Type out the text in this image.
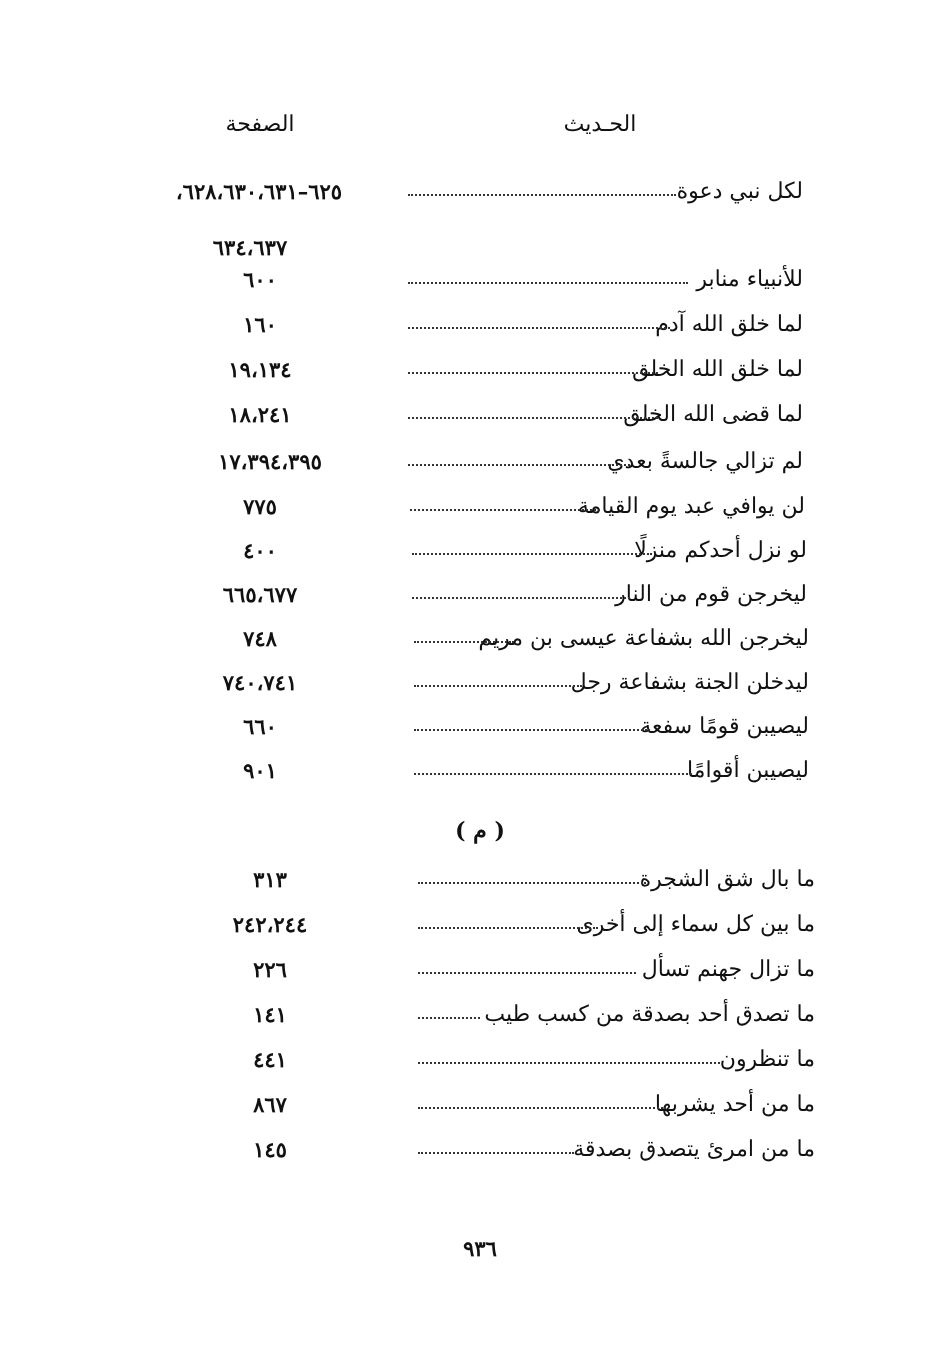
الحـديث
الصفحة
لكل نبي دعوة
٦٢٥–٦٢٨،٦٣٠،٦٣١،
٦٣٤،٦٣٧
للأنبياء منابر
٦٠٠
لما خلق الله آدم
١٦٠
لما خلق الله الخلق
١٩،١٣٤
لما قضى الله الخلق
١٨،٢٤١
لم تزالي جالسةً بعدي
١٧،٣٩٤،٣٩٥
لن يوافي عبد يوم القيامة
٧٧٥
لو نزل أحدكم منزلًا
٤٠٠
ليخرجن قوم من النار
٦٦٥،٦٧٧
ليخرجن الله بشفاعة عيسى بن مريم
٧٤٨
ليدخلن الجنة بشفاعة رجل
٧٤٠،٧٤١
ليصيبن قومًا سفعة
٦٦٠
ليصيبن أقوامًا
٩٠١
( م )
ما بال شق الشجرة
٣١٣
ما بين كل سماء إلى أخرى
٢٤٢،٢٤٤
ما تزال جهنم تسأل
٢٢٦
ما تصدق أحد بصدقة من كسب طيب
١٤١
ما تنظرون
٤٤١
ما من أحد يشربها
٨٦٧
ما من امرئ يتصدق بصدقة
١٤٥
٩٣٦
